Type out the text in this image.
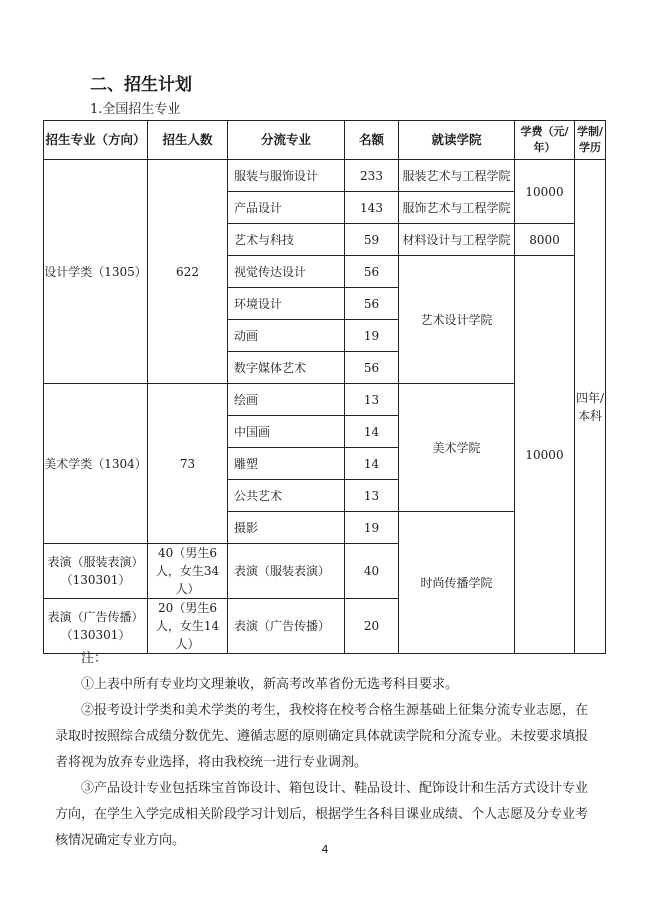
二、招生计划
1.全国招生专业
招生专业（方向）	招生人数	分流专业	名额	就读学院	学费（元/年）	学制/学历
设计学类（1305）	622	服装与服饰设计	233	服装艺术与工程学院	10000	四年/本科
		产品设计	143	服饰艺术与工程学院		
		艺术与科技	59	材料设计与工程学院	8000	
		视觉传达设计	56	艺术设计学院	10000	
		环境设计	56			
		动画	19			
		数字媒体艺术	56			
美术学类（1304）	73	绘画	13	美术学院		
		中国画	14			
		雕塑	14			
		公共艺术	13			
		摄影	19	时尚传播学院		
表演（服装表演）（130301）	40（男生6人，女生34人）	表演（服装表演）	40			
表演（广告传播）（130301）	20（男生6人，女生14人）	表演（广告传播）	20			

注：

①上表中所有专业均文理兼收，新高考改革省份无选考科目要求。

②报考设计学类和美术学类的考生，我校将在校考合格生源基础上征集分流专业志愿，在录取时按照综合成绩分数优先、遵循志愿的原则确定具体就读学院和分流专业。未按要求填报者将视为放弃专业选择，将由我校统一进行专业调剂。

③产品设计专业包括珠宝首饰设计、箱包设计、鞋品设计、配饰设计和生活方式设计专业方向，在学生入学完成相关阶段学习计划后，根据学生各科目课业成绩、个人志愿及分专业考核情况确定专业方向。

4
